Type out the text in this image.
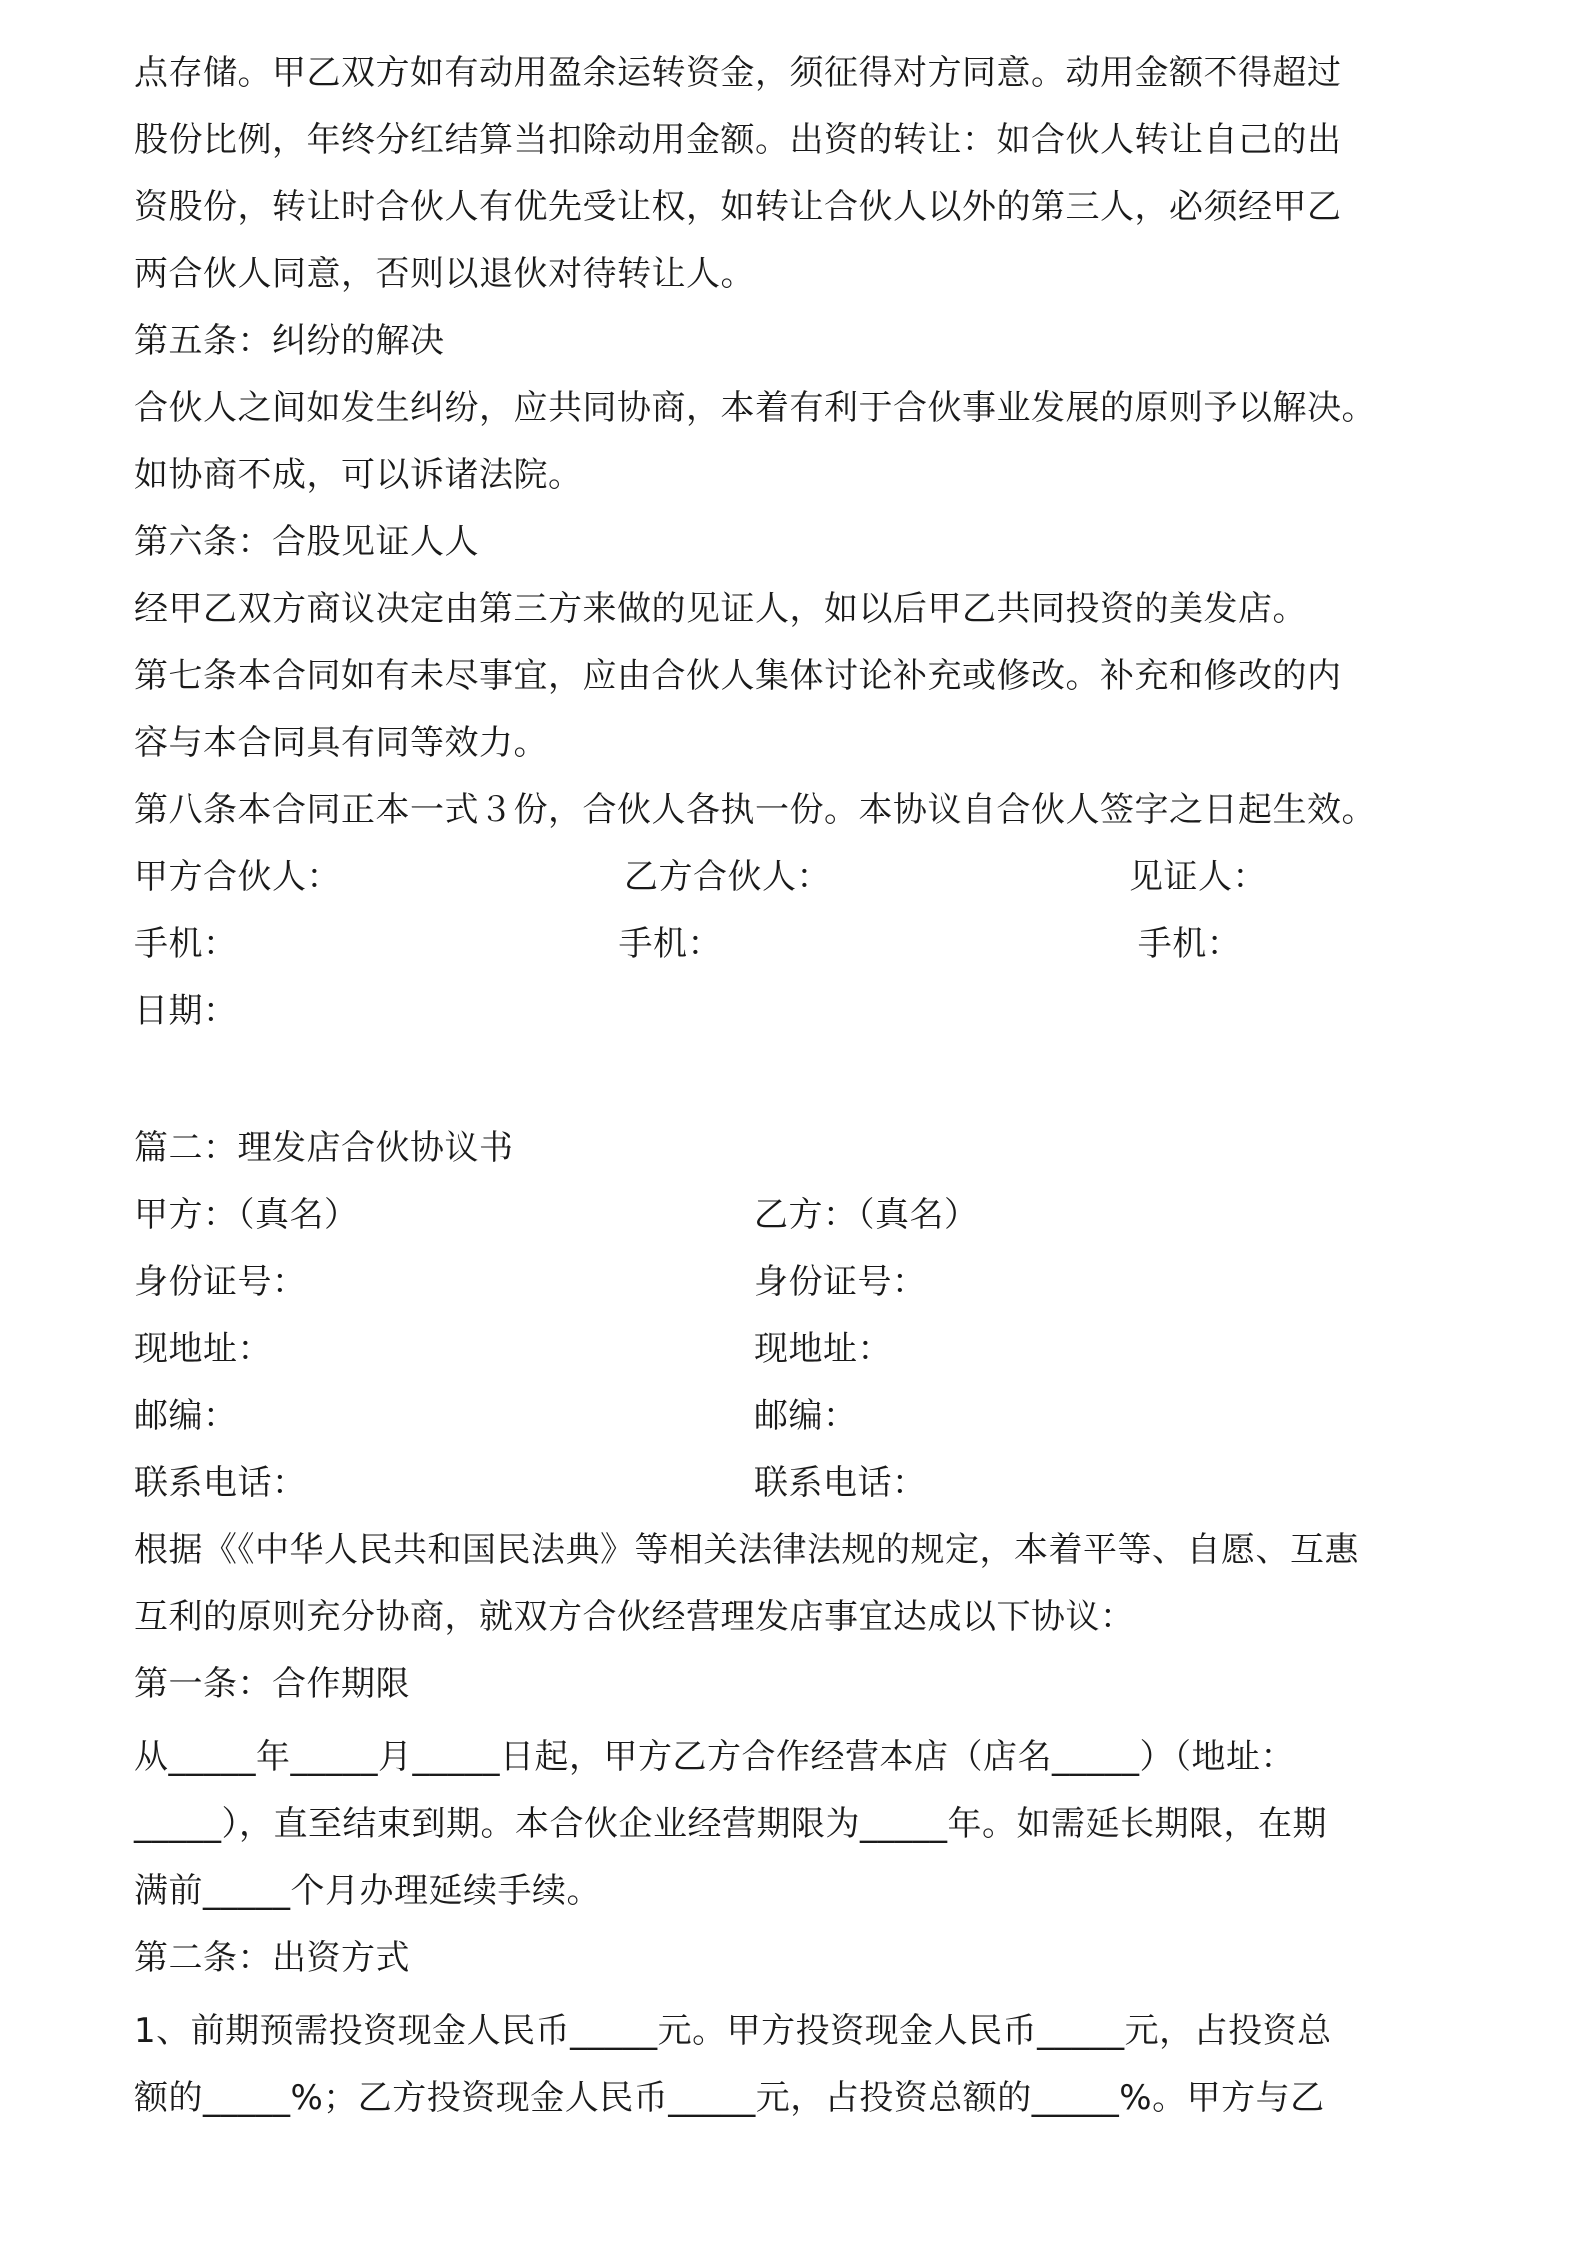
点存储。甲乙双方如有动用盈余运转资金，须征得对方同意。动用金额不得超过
股份比例，年终分红结算当扣除动用金额。出资的转让：如合伙人转让自己的出
资股份，转让时合伙人有优先受让权，如转让合伙人以外的第三人，必须经甲乙
两合伙人同意，否则以退伙对待转让人。
第五条：纠纷的解决
合伙人之间如发生纠纷，应共同协商，本着有利于合伙事业发展的原则予以解决。
如协商不成，可以诉诸法院。
第六条：合股见证人人
经甲乙双方商议决定由第三方来做的见证人，如以后甲乙共同投资的美发店。
第七条本合同如有未尽事宜，应由合伙人集体讨论补充或修改。补充和修改的内
容与本合同具有同等效力。
第八条本合同正本一式３份，合伙人各执一份。本协议自合伙人签字之日起生效。
甲方合伙人：	乙方合伙人：	见证人：
手机：	手机：	手机：
日期：
篇二：理发店合伙协议书
甲方：（真名）	乙方：（真名）
身份证号：	身份证号：
现地址：	现地址：
邮编：	邮编：
联系电话：	联系电话：
根据《《中华人民共和国民法典》等相关法律法规的规定，本着平等、自愿、互惠
互利的原则充分协商，就双方合伙经营理发店事宜达成以下协议：
第一条：合作期限
从_____年_____月_____日起，甲方乙方合作经营本店（店名_____）（地址：
_____），直至结束到期。本合伙企业经营期限为_____年。如需延长期限，在期
满前_____个月办理延续手续。
第二条：出资方式
1、前期预需投资现金人民币_____元。甲方投资现金人民币_____元，占投资总
额的_____%；乙方投资现金人民币_____元，占投资总额的_____%。甲方与乙
